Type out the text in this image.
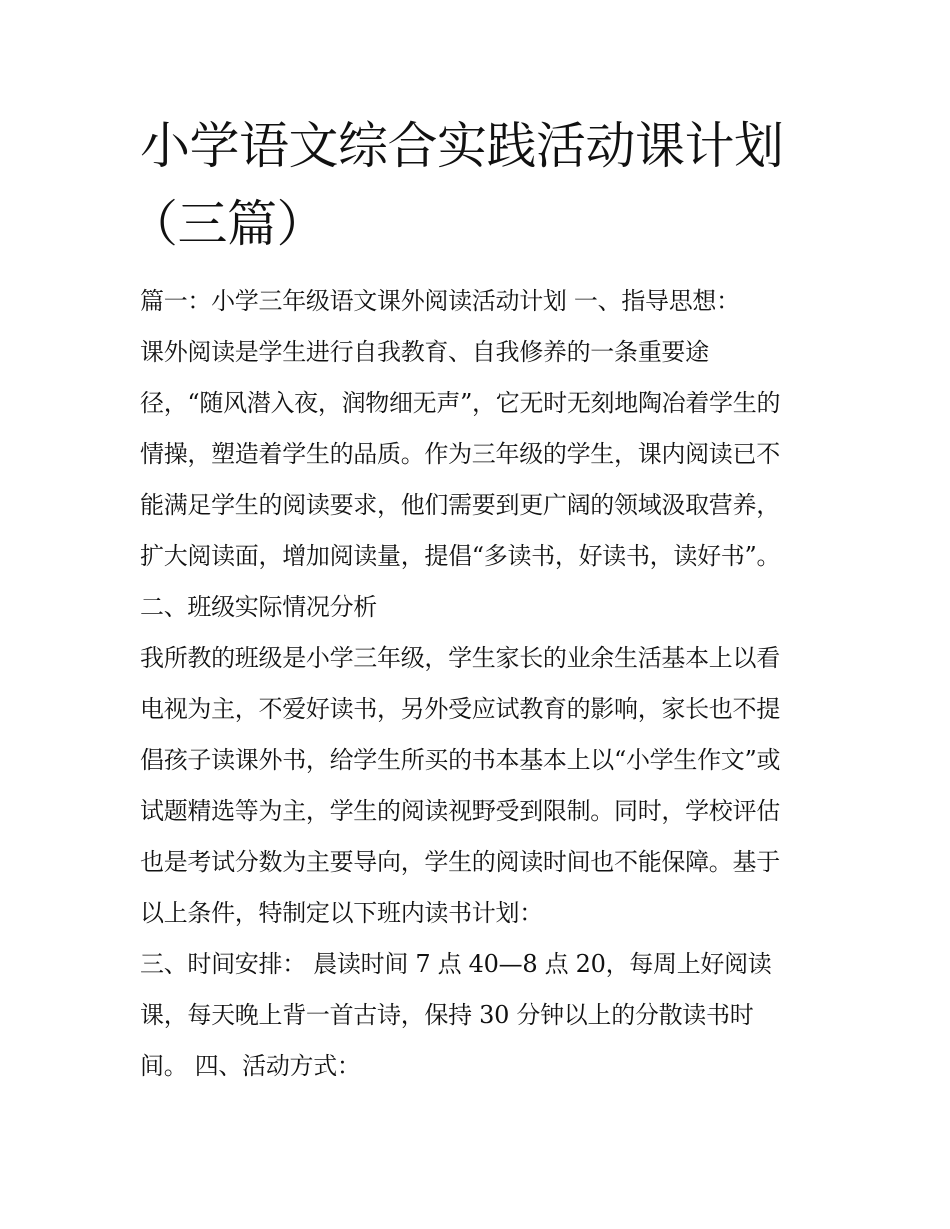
小学语文综合实践活动课计划
（三篇）
篇一：小学三年级语文课外阅读活动计划 一、指导思想：
课外阅读是学生进行自我教育、自我修养的一条重要途
径，“随风潜入夜，润物细无声”，它无时无刻地陶冶着学生的
情操，塑造着学生的品质。作为三年级的学生，课内阅读已不
能满足学生的阅读要求，他们需要到更广阔的领域汲取营养，
扩大阅读面，增加阅读量，提倡“多读书，好读书，读好书”。
二、班级实际情况分析
我所教的班级是小学三年级，学生家长的业余生活基本上以看
电视为主，不爱好读书，另外受应试教育的影响，家长也不提
倡孩子读课外书，给学生所买的书本基本上以“小学生作文”或
试题精选等为主，学生的阅读视野受到限制。同时，学校评估
也是考试分数为主要导向，学生的阅读时间也不能保障。基于
以上条件，特制定以下班内读书计划：
三、时间安排： 晨读时间 7 点 40—8 点 20，每周上好阅读
课，每天晚上背一首古诗，保持 30 分钟以上的分散读书时
间。 四、活动方式：
